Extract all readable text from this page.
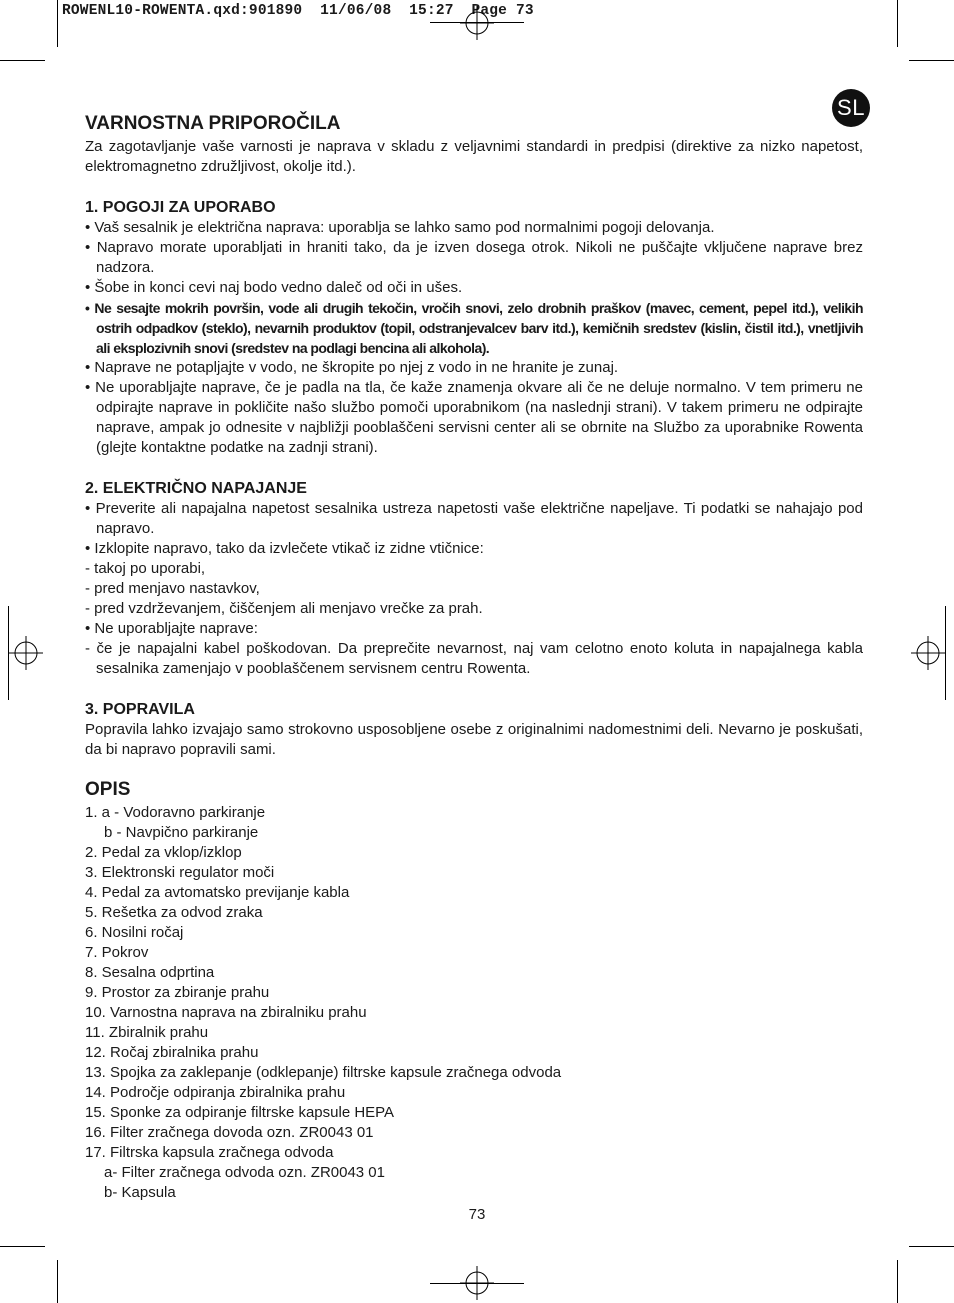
ROWENL10-ROWENTA.qxd:901890  11/06/08  15:27  Page 73
SL
VARNOSTNA PRIPOROČILA

Za zagotavljanje vaše varnosti je naprava v skladu z veljavnimi standardi in predpisi (direktive za nizko napetost, elektromagnetno združljivost, okolje itd.).

1. POGOJI ZA UPORABO

• Vaš sesalnik je električna naprava: uporablja se lahko samo pod normalnimi pogoji delovanja.

• Napravo morate uporabljati in hraniti tako, da je izven dosega otrok. Nikoli ne puščajte vključene naprave brez nadzora.

• Šobe in konci cevi naj bodo vedno daleč od oči in ušes.

• Ne sesajte mokrih površin, vode ali drugih tekočin, vročih snovi, zelo drobnih praškov (mavec, cement, pepel itd.), velikih ostrih odpadkov (steklo), nevarnih produktov (topil, odstranjevalcev barv itd.), kemičnih sredstev (kislin, čistil itd.), vnetljivih ali eksplozivnih snovi (sredstev na podlagi bencina ali alkohola).

• Naprave ne potapljajte v vodo, ne škropite po njej z vodo in ne hranite je zunaj.

• Ne uporabljajte naprave, če je padla na tla, če kaže znamenja okvare ali če ne deluje normalno. V tem primeru ne odpirajte naprave in pokličite našo službo pomoči uporabnikom (na naslednji strani). V takem primeru ne odpirajte naprave, ampak jo odnesite v najbližji pooblaščeni servisni center ali se obrnite na Službo za uporabnike Rowenta (glejte kontaktne podatke na zadnji strani).

2. ELEKTRIČNO NAPAJANJE

• Preverite ali napajalna napetost sesalnika ustreza napetosti vaše električne napeljave. Ti podatki se nahajajo pod napravo.

• Izklopite napravo, tako da izvlečete vtikač iz zidne vtičnice:

- takoj po uporabi,

- pred menjavo nastavkov,

- pred vzdrževanjem, čiščenjem ali menjavo vrečke za prah.

• Ne uporabljajte naprave:

- če je napajalni kabel poškodovan. Da preprečite nevarnost, naj vam celotno enoto koluta in napajalnega kabla sesalnika zamenjajo v pooblaščenem servisnem centru Rowenta.

3. POPRAVILA

Popravila lahko izvajajo samo strokovno usposobljene osebe z originalnimi nadomestnimi deli. Nevarno je poskušati, da bi napravo popravili sami.

OPIS
1. a - Vodoravno parkiranje
b - Navpično parkiranje
2. Pedal za vklop/izklop
3. Elektronski regulator moči
4. Pedal za avtomatsko previjanje kabla
5. Rešetka za odvod zraka
6. Nosilni ročaj
7. Pokrov
8. Sesalna odprtina
9. Prostor za zbiranje prahu
10. Varnostna naprava na zbiralniku prahu
11. Zbiralnik prahu
12. Ročaj zbiralnika prahu
13. Spojka za zaklepanje (odklepanje) filtrske kapsule zračnega odvoda
14. Področje odpiranja zbiralnika prahu
15. Sponke za odpiranje filtrske kapsule HEPA
16. Filter zračnega dovoda ozn. ZR0043 01
17. Filtrska kapsula zračnega odvoda
a- Filter zračnega odvoda ozn. ZR0043 01
b- Kapsula
73
